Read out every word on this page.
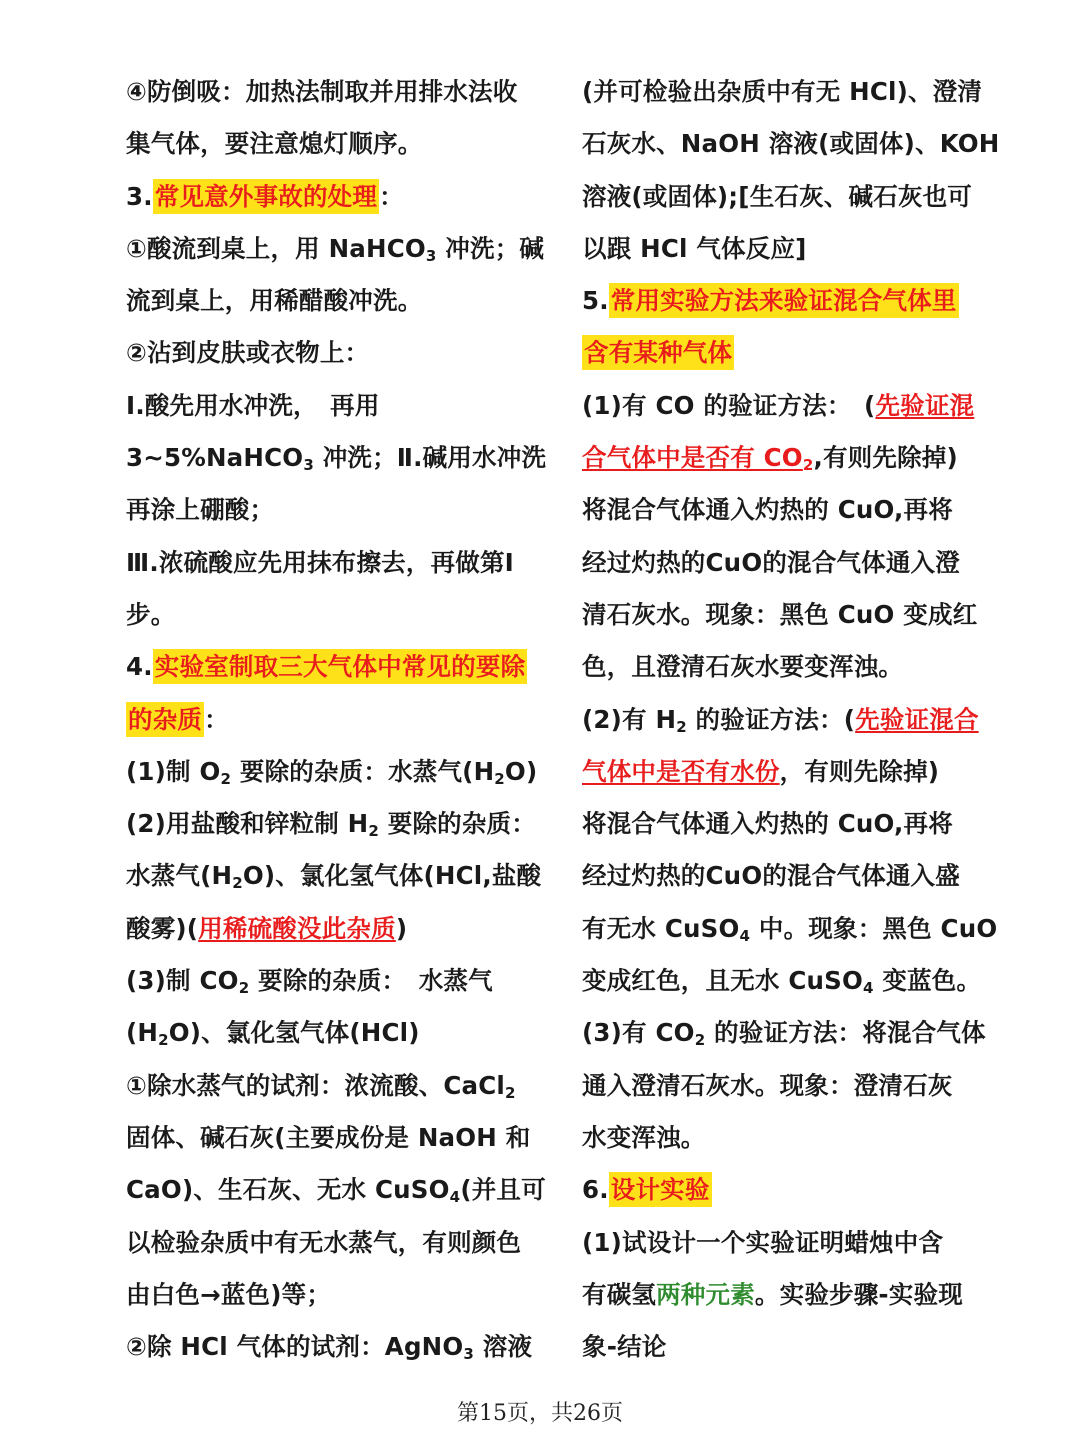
④防倒吸：加热法制取并用排水法收
集气体，要注意熄灯顺序。
3.常见意外事故的处理：
①酸流到桌上，用 NaHCO$_3$ 冲洗；碱
流到桌上，用稀醋酸冲洗。
②沾到皮肤或衣物上：
Ⅰ.酸先用水冲洗，　再用
3~5%NaHCO$_3$ 冲洗；Ⅱ.碱用水冲洗
再涂上硼酸；
Ⅲ.浓硫酸应先用抹布擦去，再做第Ⅰ
步。
4.实验室制取三大气体中常见的要除
的杂质：
(1)制 $O_2$ 要除的杂质：水蒸气$(H_2O)$
(2)用盐酸和锌粒制 $H_2$ 要除的杂质：
水蒸气$(H_2O)$、氯化氢气体(HCl,盐酸
酸雾)(用稀硫酸没此杂质)
(3)制 $CO_2$ 要除的杂质：　水蒸气
$(H_2O)$、氯化氢气体(HCl)
①除水蒸气的试剂：浓流酸、CaCl$_2$
固体、碱石灰(主要成份是 NaOH 和
CaO)、生石灰、无水 CuSO$_4$(并且可
以检验杂质中有无水蒸气，有则颜色
由白色→蓝色)等；
②除 HCl 气体的试剂：AgNO$_3$ 溶液
(并可检验出杂质中有无 HCl)、澄清
石灰水、NaOH 溶液(或固体)、KOH
溶液(或固体);[生石灰、碱石灰也可
以跟 HCl 气体反应]
5.常用实验方法来验证混合气体里
含有某种气体
(1)有 CO 的验证方法：　(先验证混
合气体中是否有 $CO_2$,有则先除掉)
将混合气体通入灼热的 CuO,再将
经过灼热的CuO的混合气体通入澄
清石灰水。现象：黑色 CuO 变成红
色，且澄清石灰水要变浑浊。
(2)有 $H_2$ 的验证方法：(先验证混合
气体中是否有水份，有则先除掉)
将混合气体通入灼热的 CuO,再将
经过灼热的CuO的混合气体通入盛
有无水 CuSO$_4$ 中。现象：黑色 CuO
变成红色，且无水 CuSO$_4$ 变蓝色。
(3)有 $CO_2$ 的验证方法：将混合气体
通入澄清石灰水。现象：澄清石灰
水变浑浊。
6.设计实验
(1)试设计一个实验证明蜡烛中含
有碳氢两种元素。实验步骤-实验现
象-结论
第15页，共26页
